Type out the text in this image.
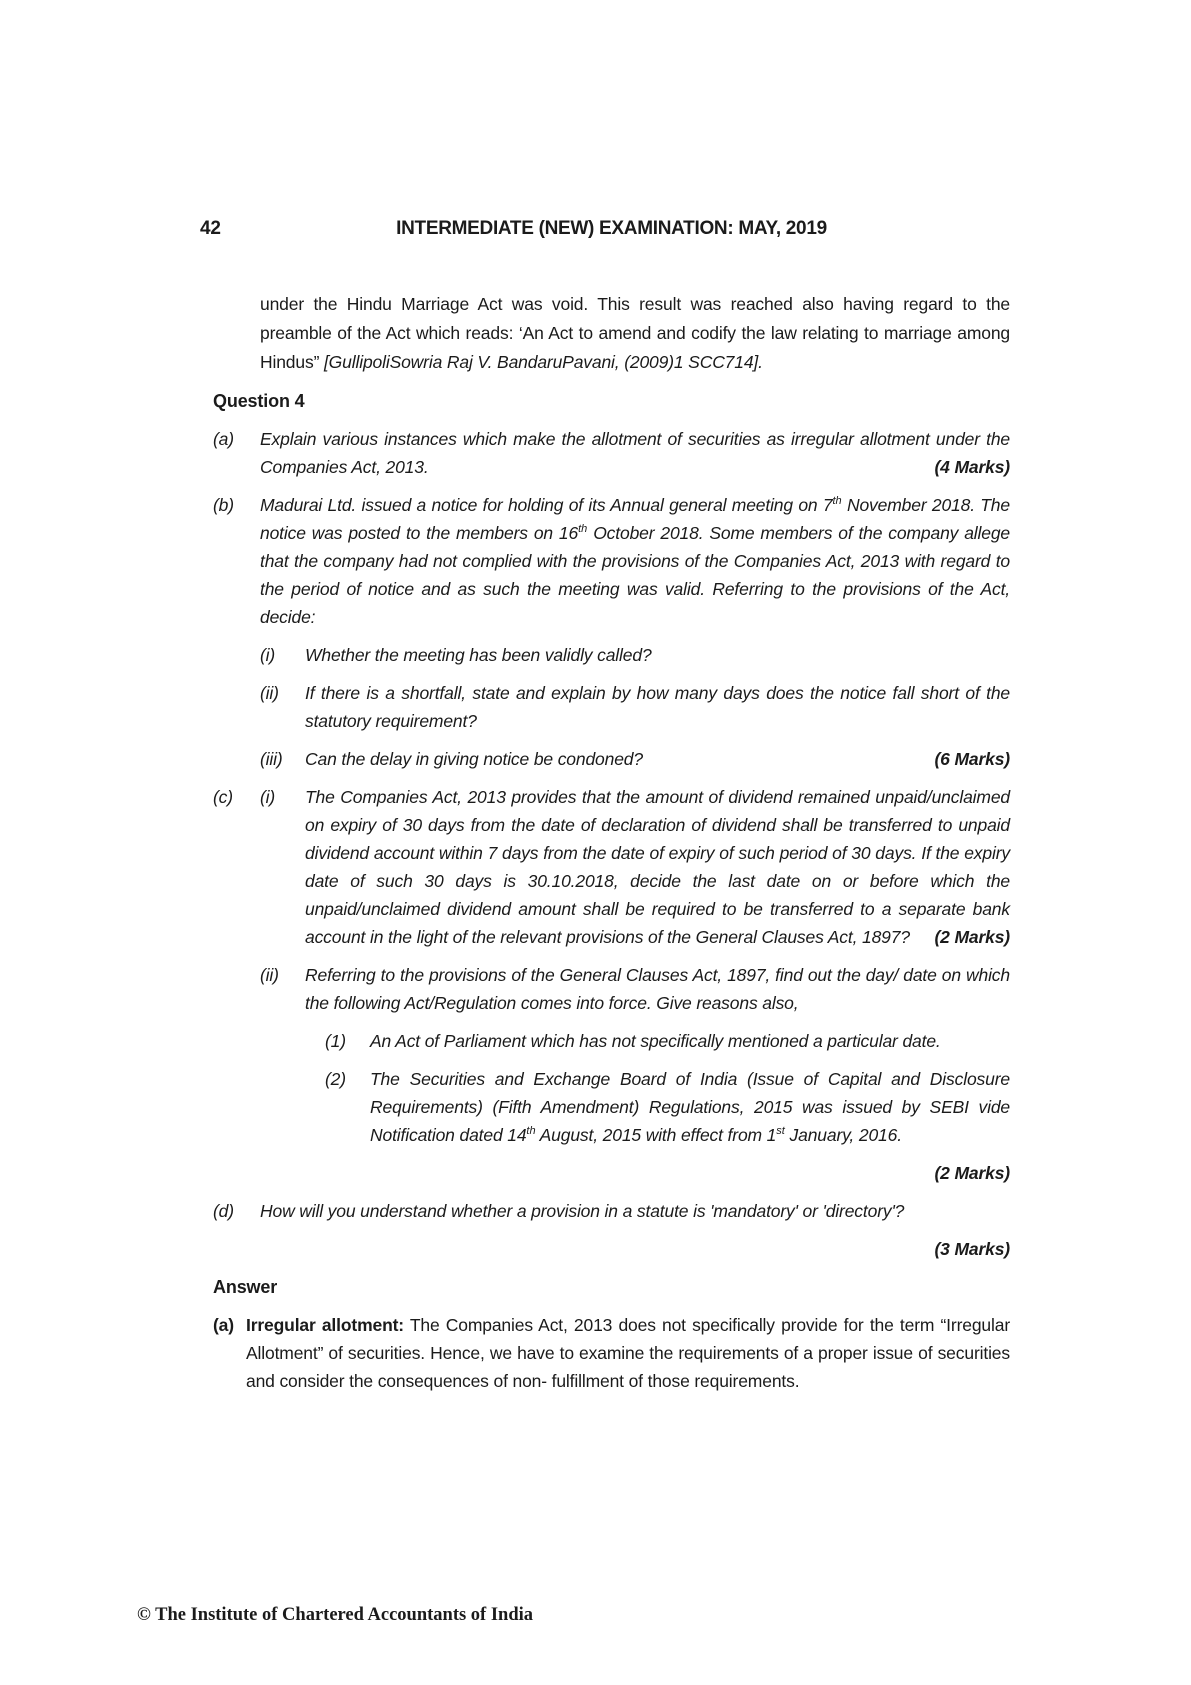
42	INTERMEDIATE (NEW) EXAMINATION: MAY, 2019

under the Hindu Marriage Act was void. This result was reached also having regard to the preamble of the Act which reads: ‘An Act to amend and codify the law relating to marriage among Hindus” [GullipoliSowria Raj V. BandaruPavani, (2009)1 SCC714].

Question 4
(a)	Explain various instances which make the allotment of securities as irregular allotment under the Companies Act, 2013.	(4 Marks)
(b)	Madurai Ltd. issued a notice for holding of its Annual general meeting on 7th November 2018. The notice was posted to the members on 16th October 2018. Some members of the company allege that the company had not complied with the provisions of the Companies Act, 2013 with regard to the period of notice and as such the meeting was valid. Referring to the provisions of the Act, decide:
(i)	Whether the meeting has been validly called?
(ii)	If there is a shortfall, state and explain by how many days does the notice fall short of the statutory requirement?
(iii)	Can the delay in giving notice be condoned?	(6 Marks)
(c)	(i)	The Companies Act, 2013 provides that the amount of dividend remained unpaid/unclaimed on expiry of 30 days from the date of declaration of dividend shall be transferred to unpaid dividend account within 7 days from the date of expiry of such period of 30 days. If the expiry date of such 30 days is 30.10.2018, decide the last date on or before which the unpaid/unclaimed dividend amount shall be required to be transferred to a separate bank account in the light of the relevant provisions of the General Clauses Act, 1897?	(2 Marks)
(ii)	Referring to the provisions of the General Clauses Act, 1897, find out the day/ date on which the following Act/Regulation comes into force. Give reasons also,
(1)	An Act of Parliament which has not specifically mentioned a particular date.
(2)	The Securities and Exchange Board of India (Issue of Capital and Disclosure Requirements) (Fifth Amendment) Regulations, 2015 was issued by SEBI vide Notification dated 14th August, 2015 with effect from 1st January, 2016.
(2 Marks)
(d)	How will you understand whether a provision in a statute is 'mandatory' or 'directory'?
(3 Marks)
Answer
(a) Irregular allotment: The Companies Act, 2013 does not specifically provide for the term “Irregular Allotment” of securities. Hence, we have to examine the requirements of a proper issue of securities and consider the consequences of non- fulfillment of those requirements.
© The Institute of Chartered Accountants of India
